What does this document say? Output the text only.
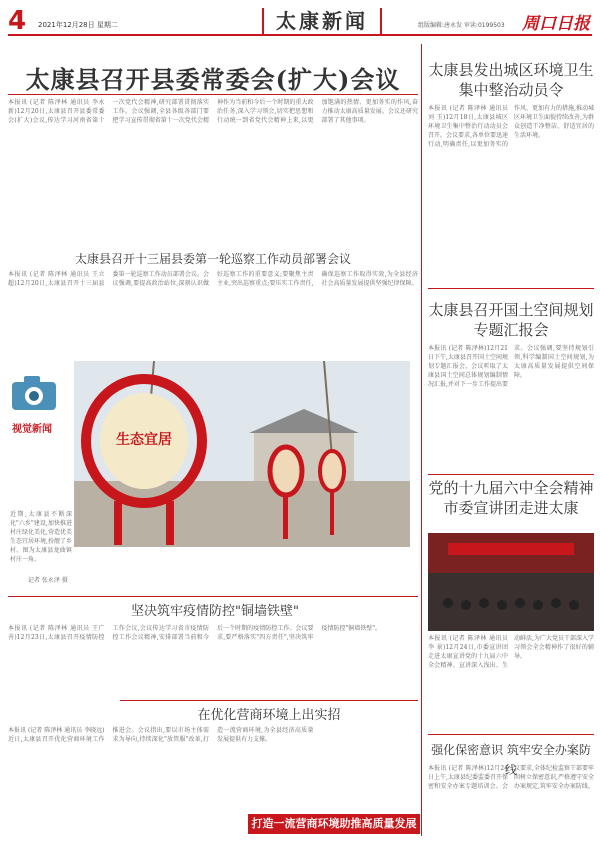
4 2021年12月28日 星期二	太康新闻	组版编辑:唐永发 审读:0199503 周口日报
太康县召开县委常委会(扩大)会议
本报讯 (记者 陈泽林 通讯员 李永新)12月20日,太康县召开县委常委会(扩大)会议,传达学习河南省第十一次党代会精神,研究部署贯彻落实工作。会议强调,全县各级各部门要把学习宣传贯彻省第十一次党代会精神作为当前和今后一个时期的重大政治任务,深入学习领会,切实把思想和行动统一到省党代会精神上来,以更加饱满的热情、更加务实的作风,奋力推动太康高质量发展。会议还研究部署了其他事项。
太康县召开十三届县委第一轮巡察工作动员部署会议
本报讯 (记者 陈泽林 通讯员 王立超)12月20日,太康县召开十三届县委第一轮巡察工作动员部署会议。会议强调,要提高政治站位,深刻认识做好巡察工作的重要意义;要聚焦主责主业,突出巡察重点;要压实工作责任,确保巡察工作取得实效,为全县经济社会高质量发展提供坚强纪律保障。
视觉新闻
近期,太康县不断深化"六乡"建设,加快推进村庄绿化美化,营造优美生态宜居环境,扮靓了乡村。图为太康县龙曲镇村庄一角。
记者 张永泽 摄
生态宜居
坚决筑牢疫情防控"铜墙铁壁"
本报讯 (记者 陈泽林 通讯员 王广善)12月23日,太康县召开疫情防控工作会议,会议传达学习省市疫情防控工作会议精神,安排部署当前和今后一个时期的疫情防控工作。会议要求,要严格落实"四方责任",坚决筑牢疫情防控"铜墙铁壁"。
在优化营商环境上出实招
本报讯 (记者 陈泽林 通讯员 李晓远)近日,太康县召开优化营商环境工作推进会。会议指出,要以市场主体需求为导向,持续深化"放管服"改革,打造一流营商环境,为全县经济高质量发展提供有力支撑。
打造一流营商环境助推高质量发展
太康县发出城区环境卫生集中整治动员令
本报讯 (记者 陈泽林 通讯员 刘 玉)12月18日,太康县城区环境卫生集中整治行动动员会召开。会议要求,各单位要迅速行动,明确责任,以更加务实的作风、更加有力的措施,推动城区环境卫生面貌持续改善,为群众创造干净整洁、舒适宜居的生活环境。
太康县召开国土空间规划专题汇报会
本报讯 (记者 陈泽林)12月21日下午,太康县召开国土空间规划专题汇报会。会议听取了太康县国土空间总体规划编制情况汇报,并对下一步工作提出要求。会议强调,要坚持规划引领,科学编制国土空间规划,为太康高质量发展提供空间保障。
党的十九届六中全会精神市委宣讲团走进太康
本报讯 (记者 陈泽林 通讯员 李 景)12月24日,市委宣讲团走进太康宣讲党的十九届六中全会精神。宣讲深入浅出、生动鲜活,为广大党员干部深入学习领会全会精神作了很好的辅导。
强化保密意识 筑牢安全办案防线
本报讯 (记者 陈泽林)12月24日上午,太康县纪委监委召开保密和安全办案专题培训会。会议要求,全体纪检监察干部要牢固树立保密意识,严格遵守安全办案规定,筑牢安全办案防线。
